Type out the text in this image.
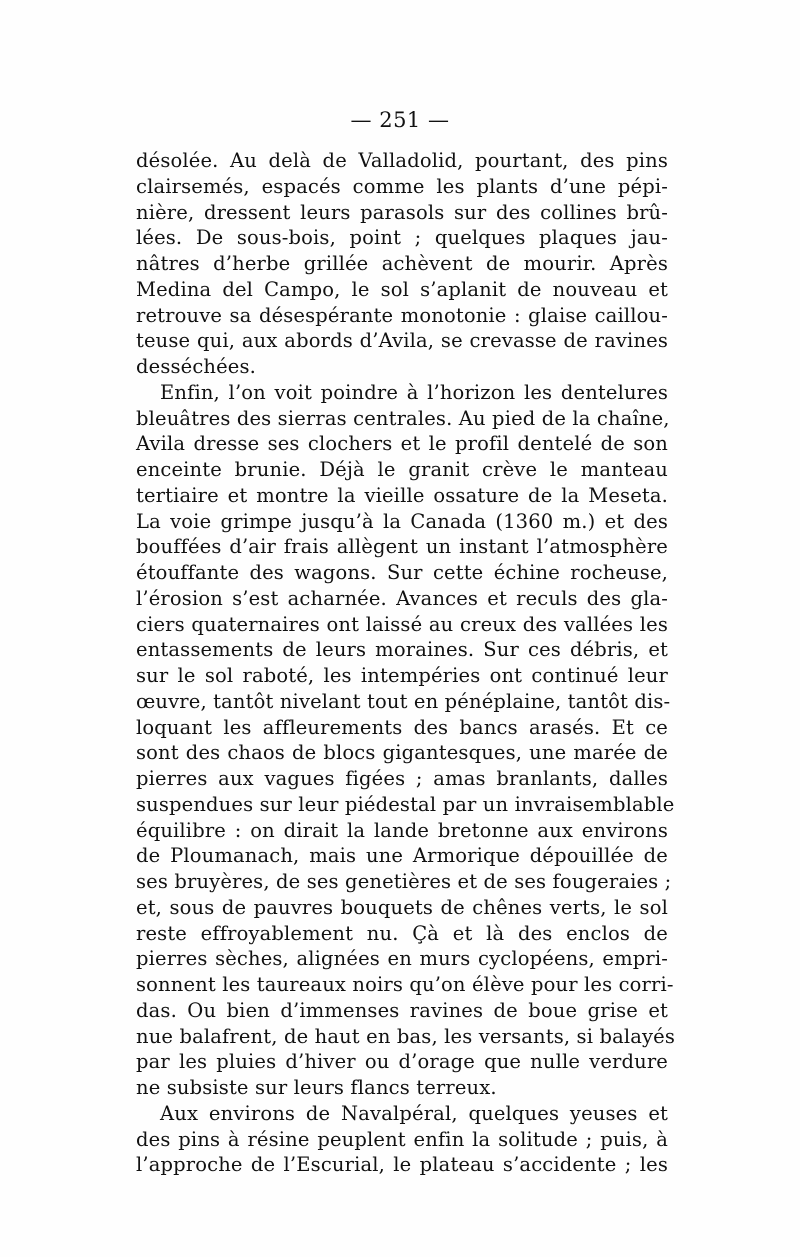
— 251 —
désolée. Au delà de Valladolid, pourtant, des pins
clairsemés, espacés comme les plants d’une pépi-
nière, dressent leurs parasols sur des collines brû-
lées. De sous-bois, point ; quelques plaques jau-
nâtres d’herbe grillée achèvent de mourir. Après
Medina del Campo, le sol s’aplanit de nouveau et
retrouve sa désespérante monotonie : glaise caillou-
teuse qui, aux abords d’Avila, se crevasse de ravines
desséchées.
Enfin, l’on voit poindre à l’horizon les dentelures
bleuâtres des sierras centrales. Au pied de la chaîne,
Avila dresse ses clochers et le profil dentelé de son
enceinte brunie. Déjà le granit crève le manteau
tertiaire et montre la vieille ossature de la Meseta.
La voie grimpe jusqu’à la Canada (1360 m.) et des
bouffées d’air frais allègent un instant l’atmosphère
étouffante des wagons. Sur cette échine rocheuse,
l’érosion s’est acharnée. Avances et reculs des gla-
ciers quaternaires ont laissé au creux des vallées les
entassements de leurs moraines. Sur ces débris, et
sur le sol raboté, les intempéries ont continué leur
œuvre, tantôt nivelant tout en pénéplaine, tantôt dis-
loquant les affleurements des bancs arasés. Et ce
sont des chaos de blocs gigantesques, une marée de
pierres aux vagues figées ; amas branlants, dalles
suspendues sur leur piédestal par un invraisemblable
équilibre : on dirait la lande bretonne aux environs
de Ploumanach, mais une Armorique dépouillée de
ses bruyères, de ses genetières et de ses fougeraies ;
et, sous de pauvres bouquets de chênes verts, le sol
reste effroyablement nu. Çà et là des enclos de
pierres sèches, alignées en murs cyclopéens, empri-
sonnent les taureaux noirs qu’on élève pour les corri-
das. Ou bien d’immenses ravines de boue grise et
nue balafrent, de haut en bas, les versants, si balayés
par les pluies d’hiver ou d’orage que nulle verdure
ne subsiste sur leurs flancs terreux.
Aux environs de Navalpéral, quelques yeuses et
des pins à résine peuplent enfin la solitude ; puis, à
l’approche de l’Escurial, le plateau s’accidente ; les
